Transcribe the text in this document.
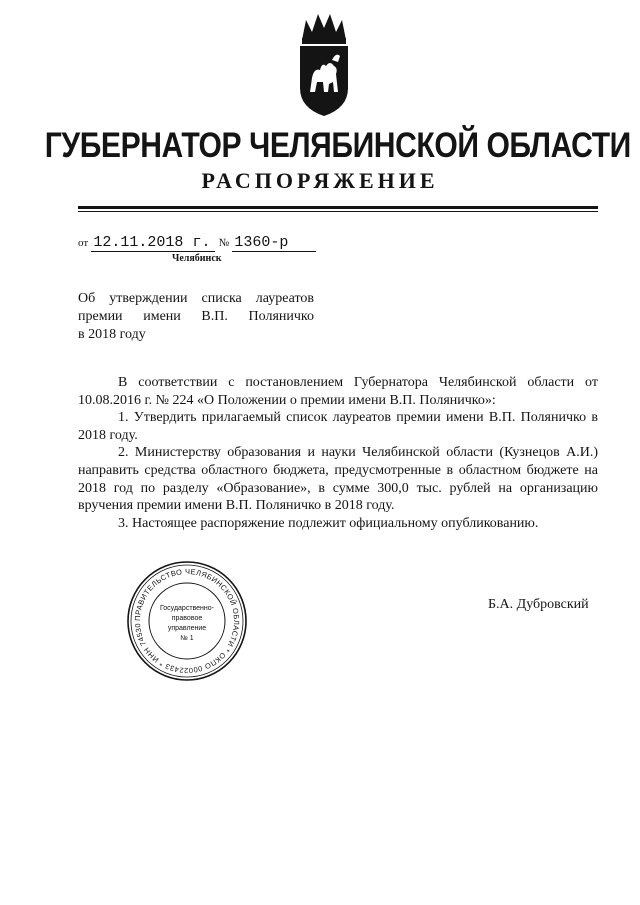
ГУБЕРНАТОР ЧЕЛЯБИНСКОЙ ОБЛАСТИ
РАСПОРЯЖЕНИЕ
от 12.11.2018 г. № 1360-р
Челябинск
Об утверждении списка лауреатов
премии имени В.П. Поляничко
в 2018 году
В соответствии с постановлением Губернатора Челябинской области от 10.08.2016 г. № 224 «О Положении о премии имени В.П. Поляничко»:
1. Утвердить прилагаемый список лауреатов премии имени В.П. Поляничко в 2018 году.
2. Министерству образования и науки Челябинской области (Кузнецов А.И.) направить средства областного бюджета, предусмотренные в областном бюджете на 2018 год по разделу «Образование», в сумме 300,0 тыс. рублей на организацию вручения премии имени В.П. Поляничко в 2018 году.
3. Настоящее распоряжение подлежит официальному опубликованию.
ПРАВИТЕЛЬСТВО ЧЕЛЯБИНСКОЙ ОБЛАСТИ * ОКПО 00022433 * ИНН 74530
Государственно-
правовое
управление
№ 1
Б.А. Дубровский
